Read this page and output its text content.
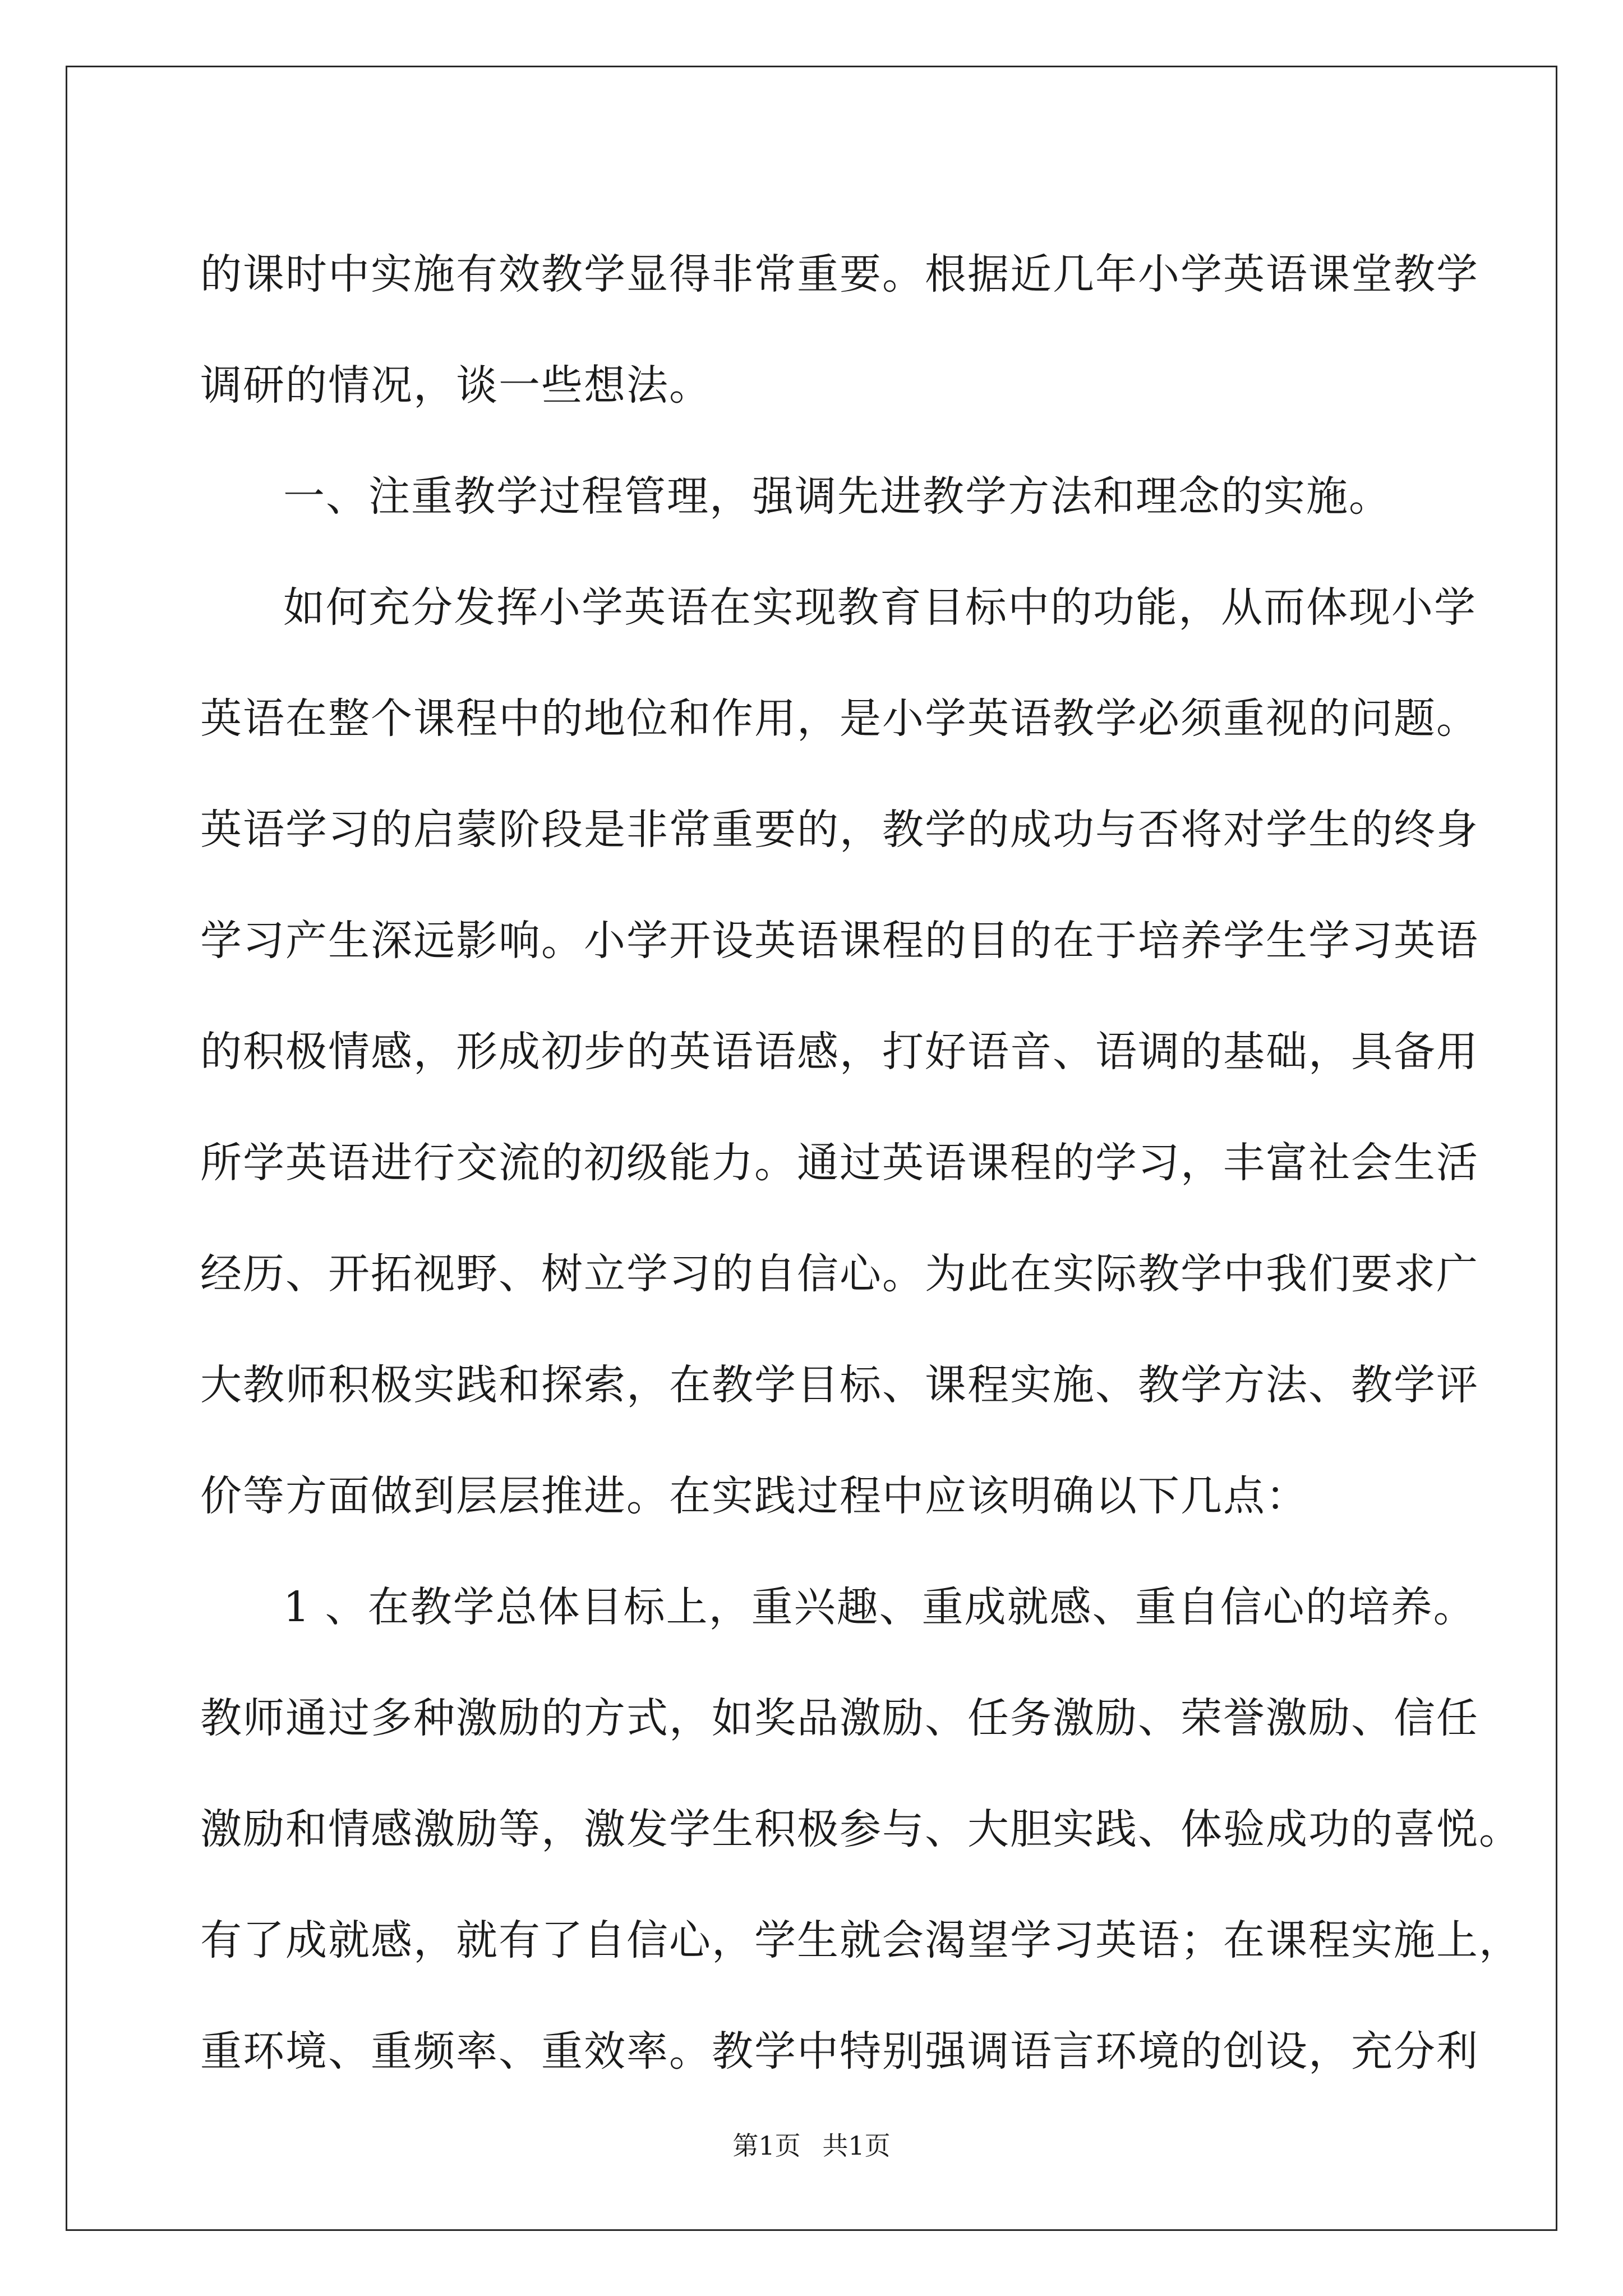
的课时中实施有效教学显得非常重要。根据近几年小学英语课堂教学
调研的情况，谈一些想法。
一、注重教学过程管理，强调先进教学方法和理念的实施。
如何充分发挥小学英语在实现教育目标中的功能，从而体现小学
英语在整个课程中的地位和作用，是小学英语教学必须重视的问题。
英语学习的启蒙阶段是非常重要的，教学的成功与否将对学生的终身
学习产生深远影响。小学开设英语课程的目的在于培养学生学习英语
的积极情感，形成初步的英语语感，打好语音、语调的基础，具备用
所学英语进行交流的初级能力。通过英语课程的学习，丰富社会生活
经历、开拓视野、树立学习的自信心。为此在实际教学中我们要求广
大教师积极实践和探索，在教学目标、课程实施、教学方法、教学评
价等方面做到层层推进。在实践过程中应该明确以下几点：
1 、在教学总体目标上，重兴趣、重成就感、重自信心的培养。
教师通过多种激励的方式，如奖品激励、任务激励、荣誉激励、信任
激励和情感激励等，激发学生积极参与、大胆实践、体验成功的喜悦。
有了成就感，就有了自信心，学生就会渴望学习英语；在课程实施上，
重环境、重频率、重效率。教学中特别强调语言环境的创设，充分利
第1页 共1页
